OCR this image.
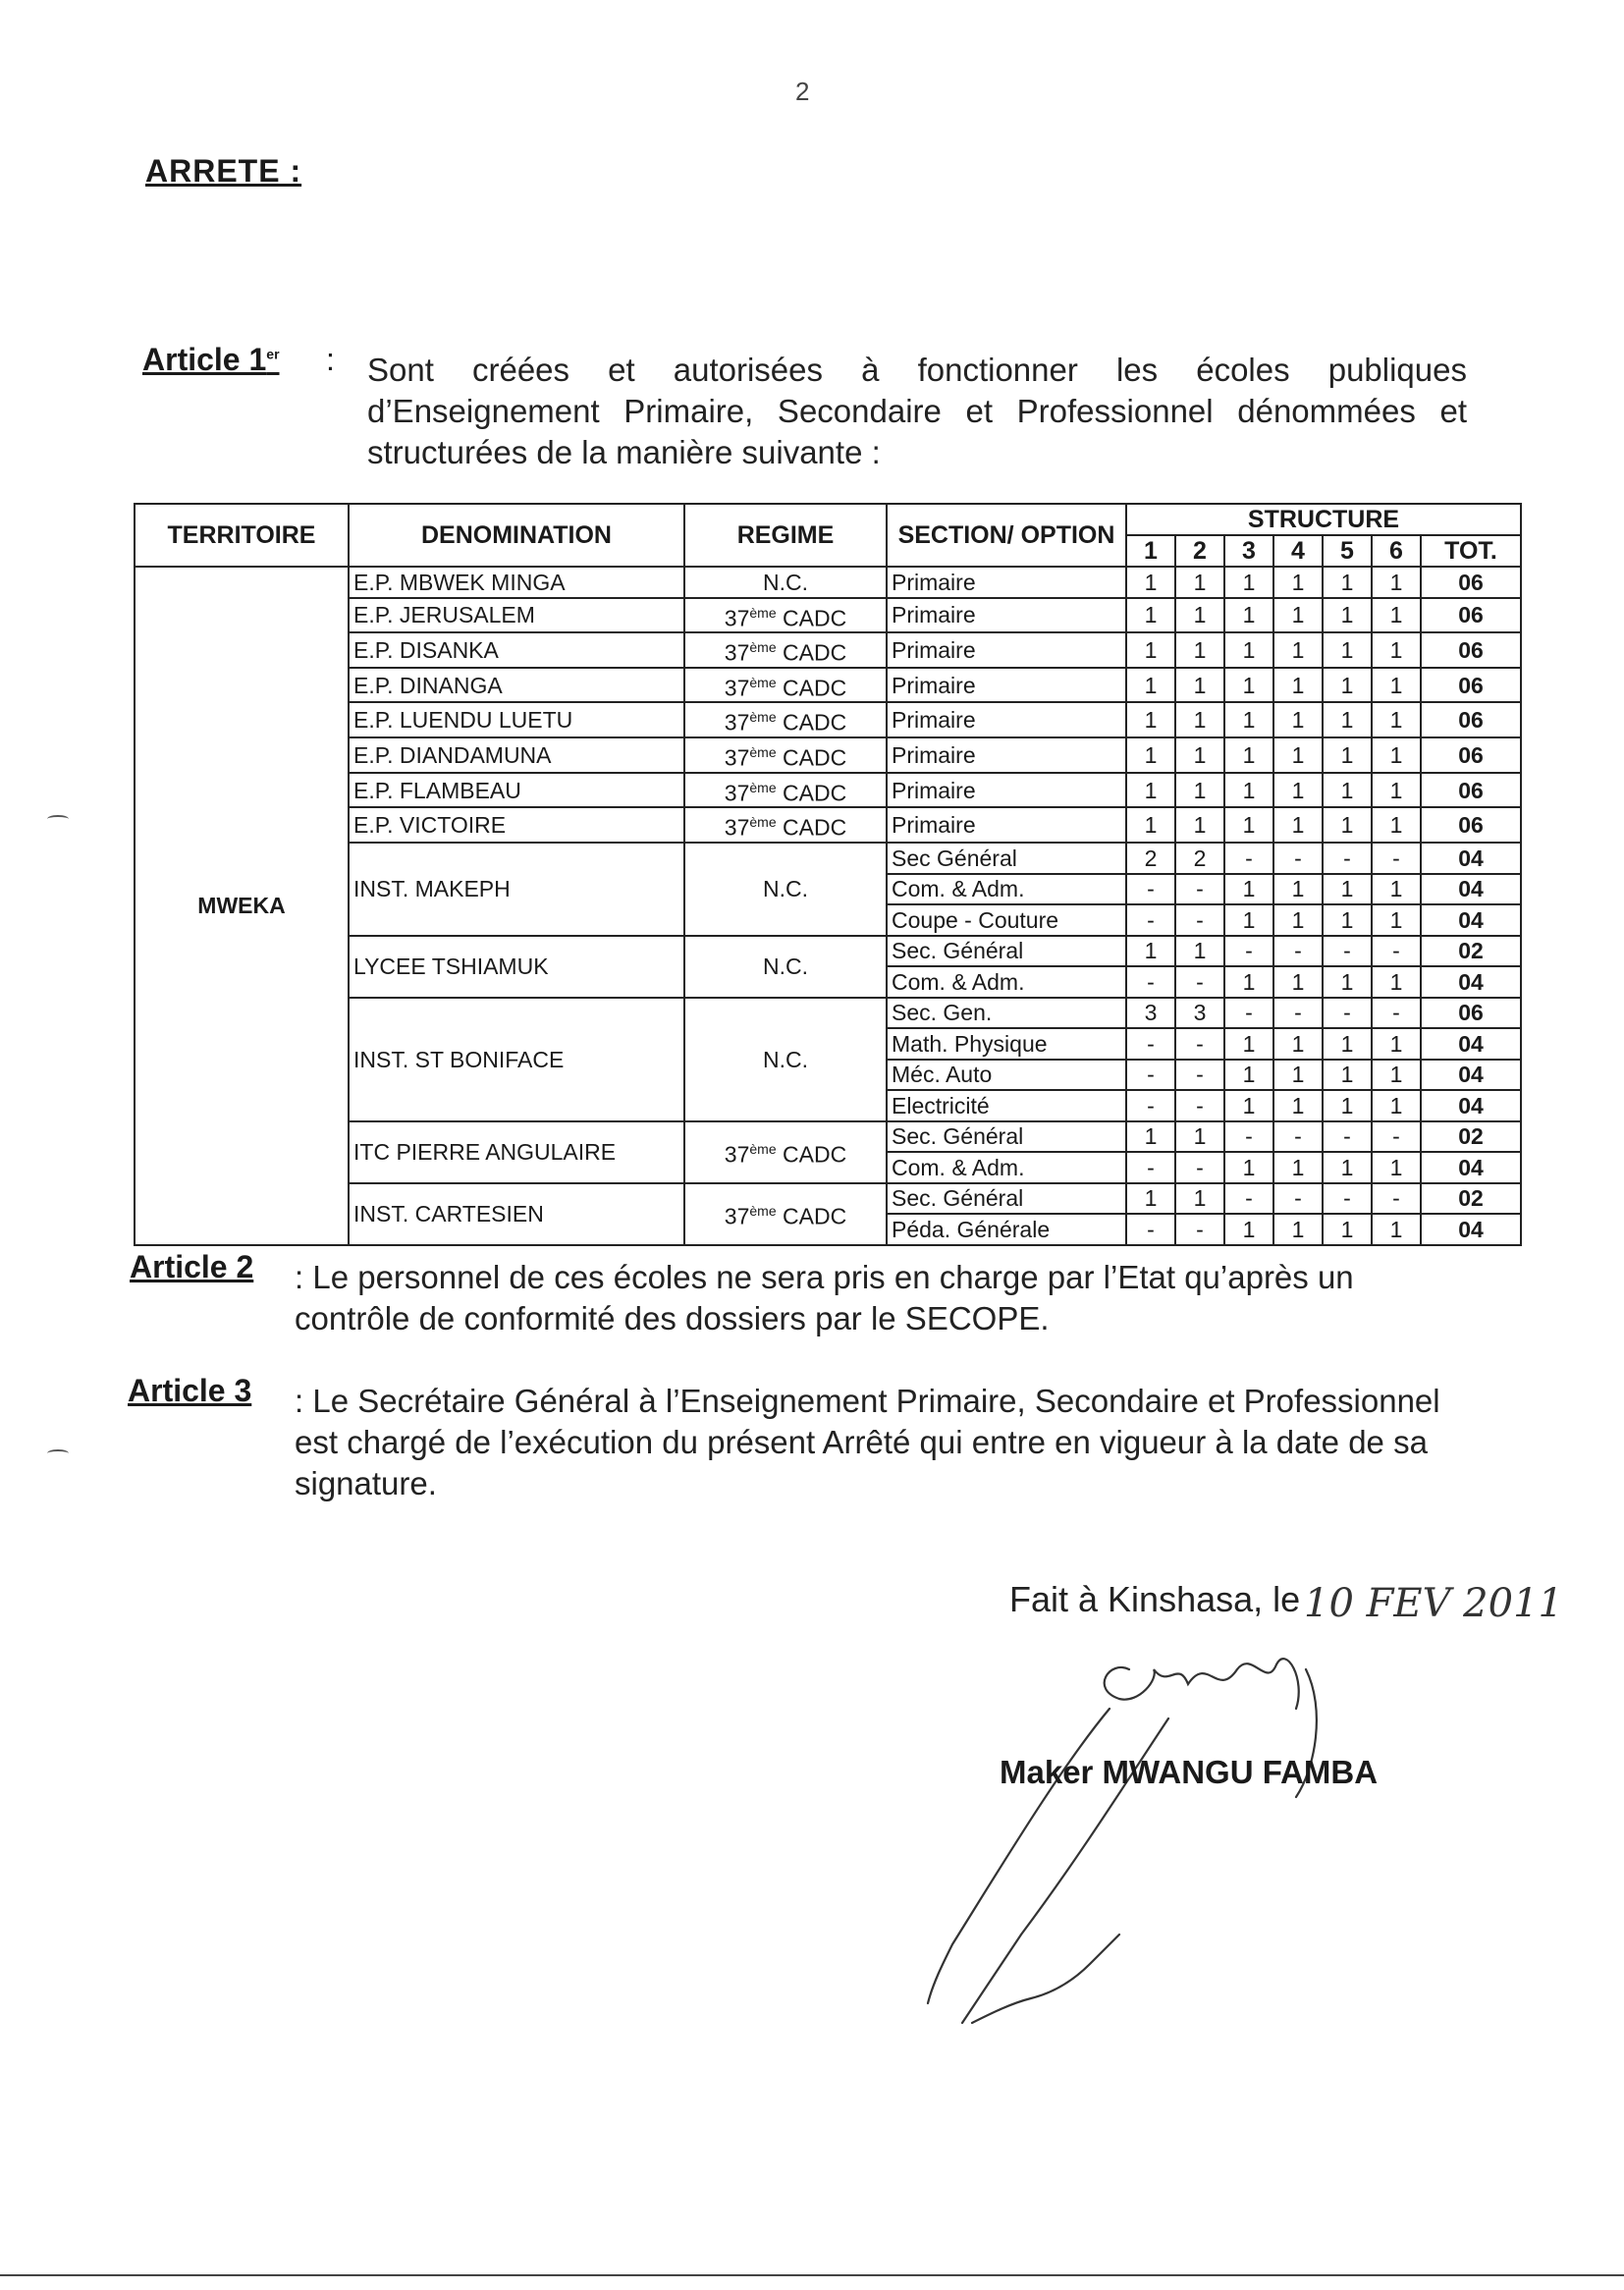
2
ARRETE :
Article 1er : Sont créées et autorisées à fonctionner les écoles publiques d’Enseignement Primaire, Secondaire et Professionnel dénommées et structurées de la manière suivante :
TERRITOIRE	DENOMINATION	REGIME	SECTION/ OPTION	STRUCTURE						
				1	2	3	4	5	6	TOT.
MWEKA	E.P. MBWEK MINGA	N.C.	Primaire	1	1	1	1	1	1	06
	E.P. JERUSALEM	37ème CADC	Primaire	1	1	1	1	1	1	06
	E.P. DISANKA	37ème CADC	Primaire	1	1	1	1	1	1	06
	E.P. DINANGA	37ème CADC	Primaire	1	1	1	1	1	1	06
	E.P. LUENDU LUETU	37ème CADC	Primaire	1	1	1	1	1	1	06
	E.P. DIANDAMUNA	37ème CADC	Primaire	1	1	1	1	1	1	06
	E.P. FLAMBEAU	37ème CADC	Primaire	1	1	1	1	1	1	06
	E.P. VICTOIRE	37ème CADC	Primaire	1	1	1	1	1	1	06
	INST. MAKEPH	N.C.	Sec Général	2	2	-	-	-	-	04
			Com. & Adm.	-	-	1	1	1	1	04
			Coupe - Couture	-	-	1	1	1	1	04
	LYCEE TSHIAMUK	N.C.	Sec. Général	1	1	-	-	-	-	02
			Com. & Adm.	-	-	1	1	1	1	04
	INST. ST BONIFACE	N.C.	Sec. Gen.	3	3	-	-	-	-	06
			Math. Physique	-	-	1	1	1	1	04
			Méc. Auto	-	-	1	1	1	1	04
			Electricité	-	-	1	1	1	1	04
	ITC PIERRE ANGULAIRE	37ème CADC	Sec. Général	1	1	-	-	-	-	02
			Com. & Adm.	-	-	1	1	1	1	04
	INST. CARTESIEN	37ème CADC	Sec. Général	1	1	-	-	-	-	02
			Péda. Générale	-	-	1	1	1	1	04
Article 2 : Le personnel de ces écoles ne sera pris en charge par l’Etat qu’après un contrôle de conformité des dossiers par le SECOPE.
Article 3 : Le Secrétaire Général à l’Enseignement Primaire, Secondaire et Professionnel est chargé de l’exécution du présent Arrêté qui entre en vigueur à la date de sa signature.
Fait à Kinshasa, le 10 FEV 2011
Maker MWANGU FAMBA
